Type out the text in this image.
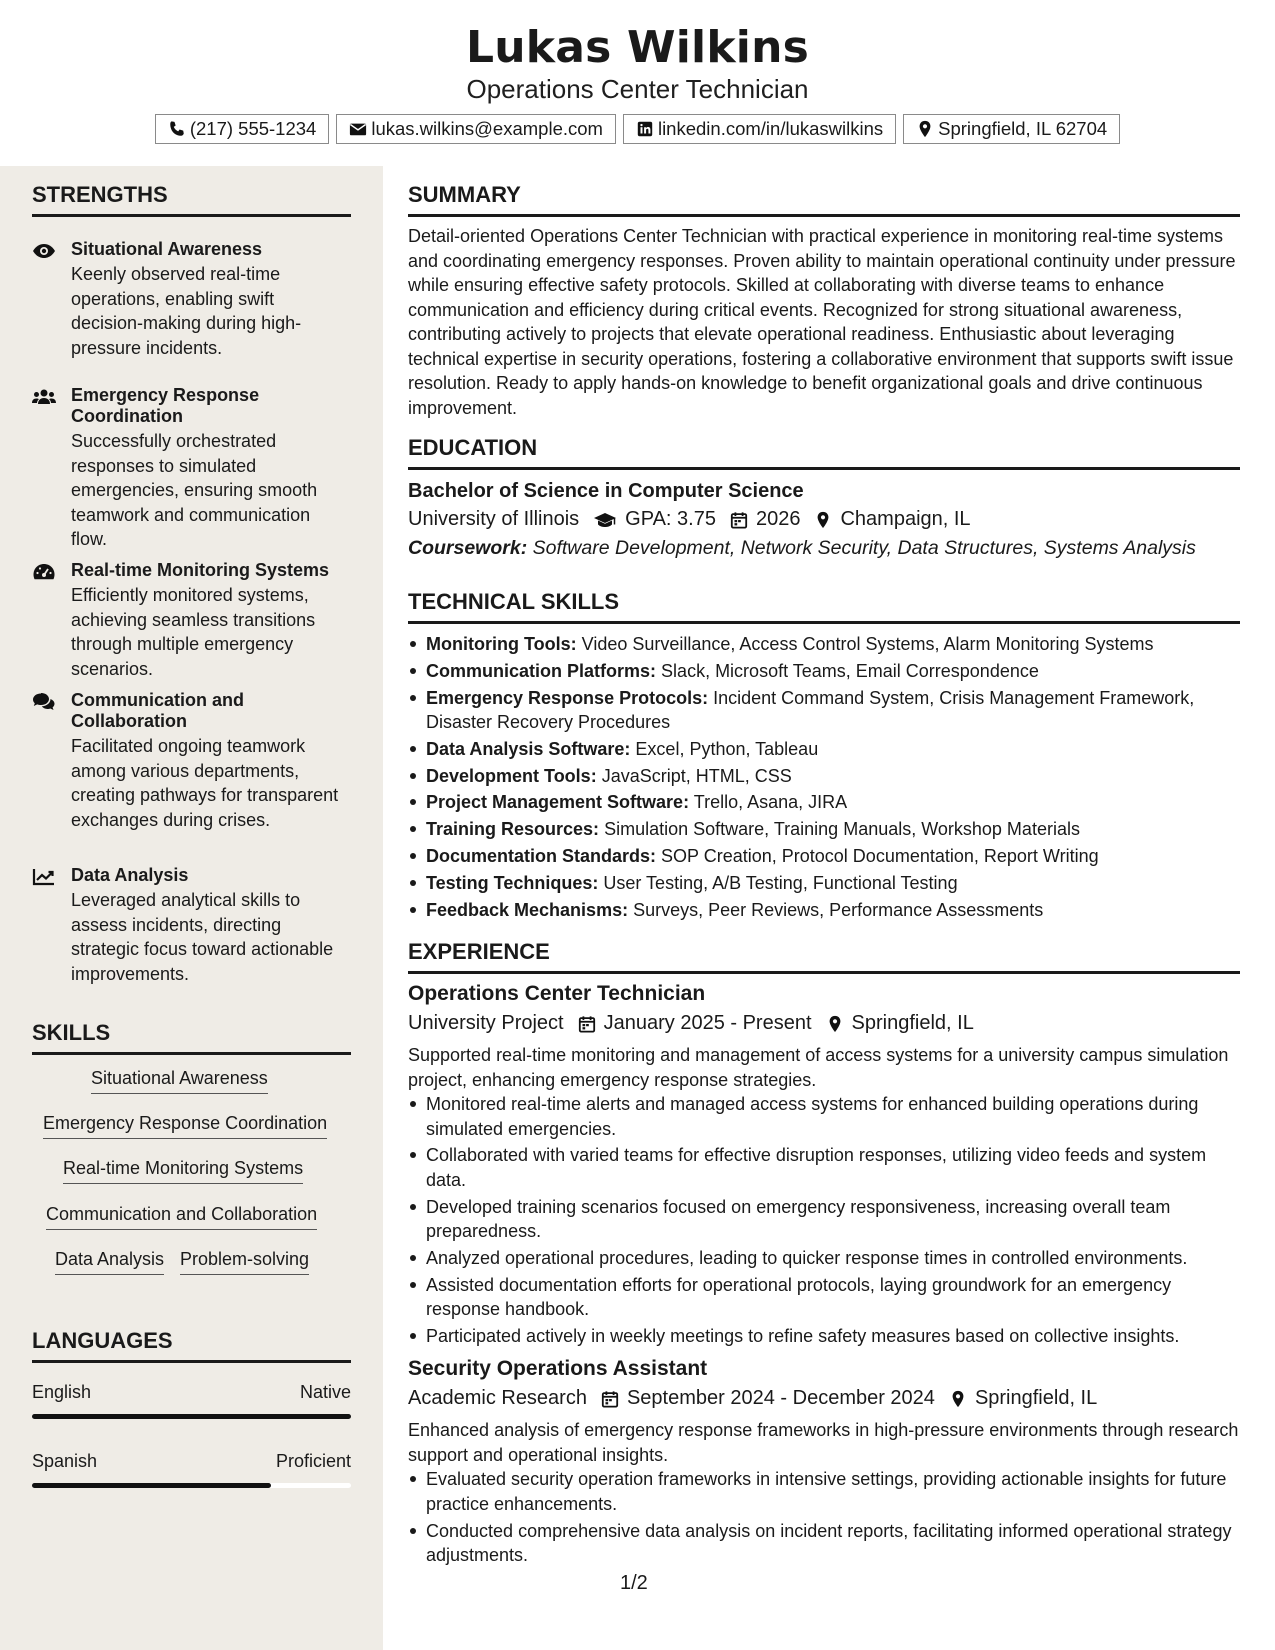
Lukas Wilkins
Operations Center Technician
(217) 555-1234	lukas.wilkins@example.com	linkedin.com/in/lukaswilkins	Springfield, IL 62704
STRENGTHS
Situational Awareness
Keenly observed real-time operations, enabling swift decision-making during high-pressure incidents.
Emergency Response Coordination
Successfully orchestrated responses to simulated emergencies, ensuring smooth teamwork and communication flow.
Real-time Monitoring Systems
Efficiently monitored systems, achieving seamless transitions through multiple emergency scenarios.
Communication and Collaboration
Facilitated ongoing teamwork among various departments, creating pathways for transparent exchanges during crises.
Data Analysis
Leveraged analytical skills to assess incidents, directing strategic focus toward actionable improvements.
SKILLS
Situational Awareness
Emergency Response Coordination
Real-time Monitoring Systems
Communication and Collaboration
Data Analysis Problem-solving
LANGUAGES
English	Native
Spanish	Proficient
SUMMARY
Detail-oriented Operations Center Technician with practical experience in monitoring real-time systems and coordinating emergency responses. Proven ability to maintain operational continuity under pressure while ensuring effective safety protocols. Skilled at collaborating with diverse teams to enhance communication and efficiency during critical events. Recognized for strong situational awareness, contributing actively to projects that elevate operational readiness. Enthusiastic about leveraging technical expertise in security operations, fostering a collaborative environment that supports swift issue resolution. Ready to apply hands-on knowledge to benefit organizational goals and drive continuous improvement.
EDUCATION
Bachelor of Science in Computer Science
University of Illinois GPA: 3.75 2026 Champaign, IL
Coursework: Software Development, Network Security, Data Structures, Systems Analysis
TECHNICAL SKILLS
Monitoring Tools: Video Surveillance, Access Control Systems, Alarm Monitoring Systems
Communication Platforms: Slack, Microsoft Teams, Email Correspondence
Emergency Response Protocols: Incident Command System, Crisis Management Framework, Disaster Recovery Procedures
Data Analysis Software: Excel, Python, Tableau
Development Tools: JavaScript, HTML, CSS
Project Management Software: Trello, Asana, JIRA
Training Resources: Simulation Software, Training Manuals, Workshop Materials
Documentation Standards: SOP Creation, Protocol Documentation, Report Writing
Testing Techniques: User Testing, A/B Testing, Functional Testing
Feedback Mechanisms: Surveys, Peer Reviews, Performance Assessments
EXPERIENCE
Operations Center Technician
University Project January 2025 - Present Springfield, IL
Supported real-time monitoring and management of access systems for a university campus simulation project, enhancing emergency response strategies.
Monitored real-time alerts and managed access systems for enhanced building operations during simulated emergencies.
Collaborated with varied teams for effective disruption responses, utilizing video feeds and system data.
Developed training scenarios focused on emergency responsiveness, increasing overall team preparedness.
Analyzed operational procedures, leading to quicker response times in controlled environments.
Assisted documentation efforts for operational protocols, laying groundwork for an emergency response handbook.
Participated actively in weekly meetings to refine safety measures based on collective insights.
Security Operations Assistant
Academic Research September 2024 - December 2024 Springfield, IL
Enhanced analysis of emergency response frameworks in high-pressure environments through research support and operational insights.
Evaluated security operation frameworks in intensive settings, providing actionable insights for future practice enhancements.
Conducted comprehensive data analysis on incident reports, facilitating informed operational strategy adjustments.
1/2
